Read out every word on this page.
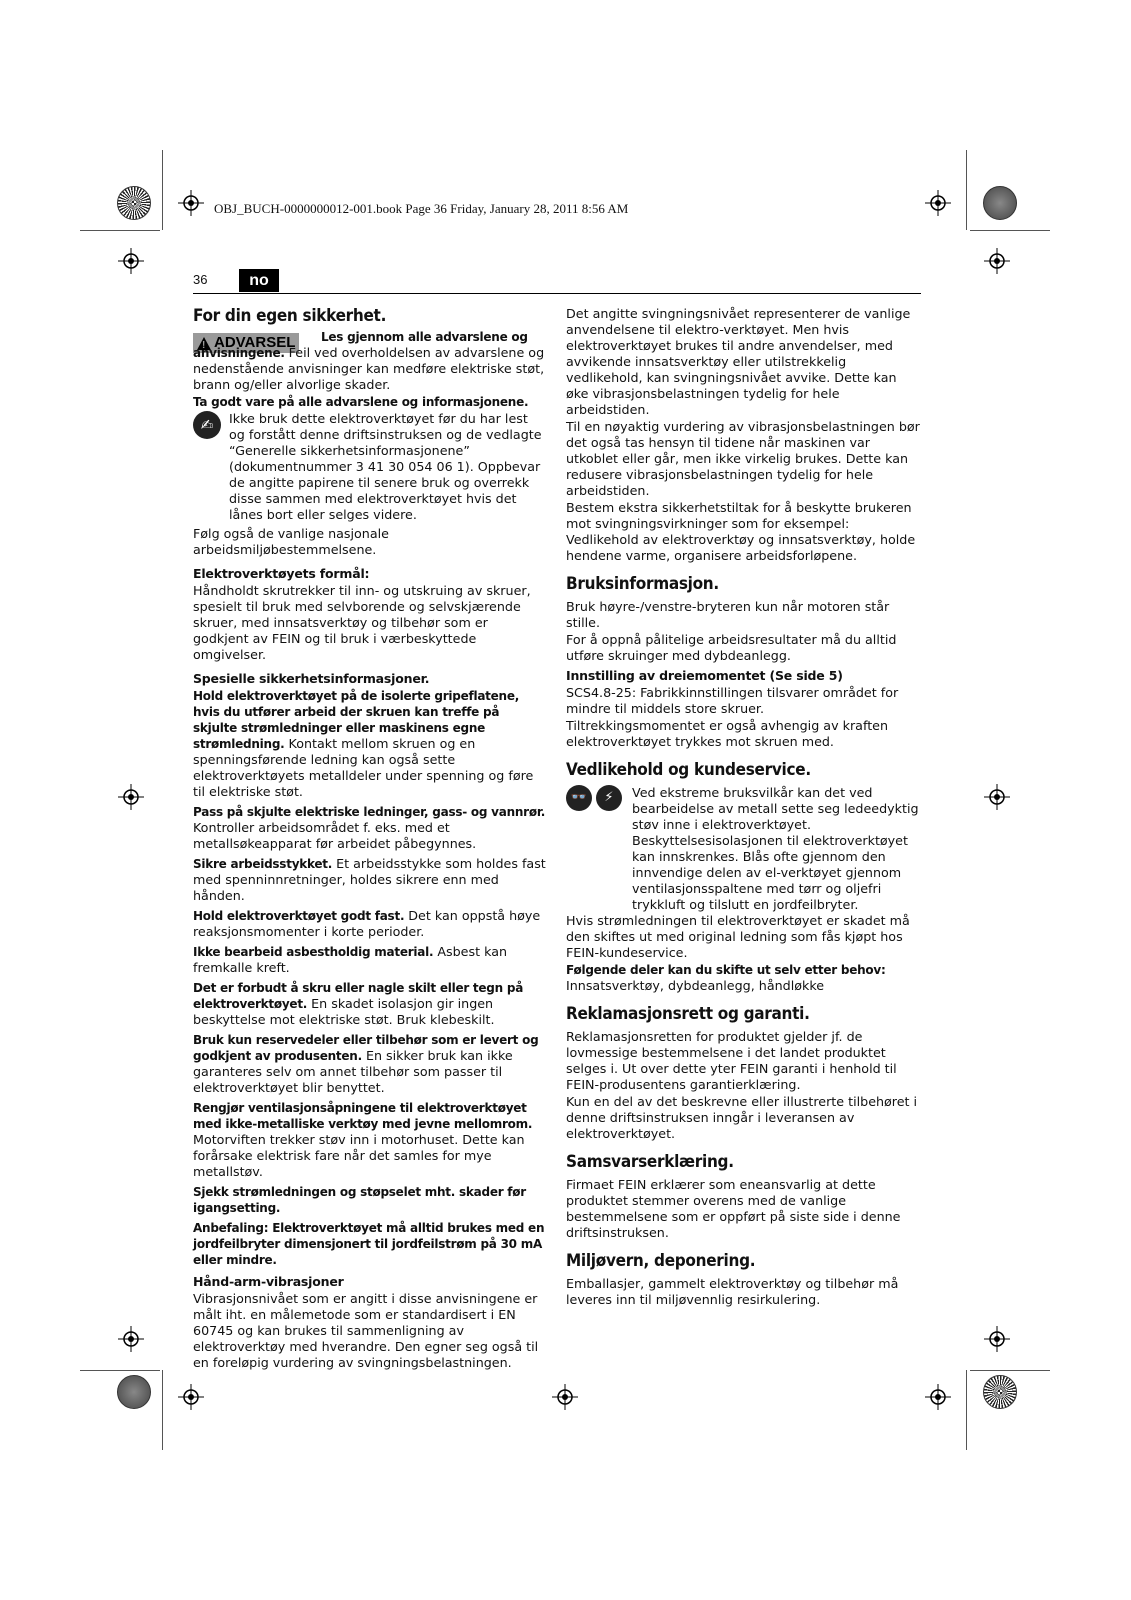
OBJ_BUCH-0000000012-001.book Page 36 Friday, January 28, 2011 8:56 AM
36	no
For din egen sikkerhet.
!
ADVARSEL	Les gjennom alle advarslene og anvisningene. Feil ved overholdelsen av advarslene og nedenstående anvisninger kan medføre elektriske støt, brann og/eller alvorlige skader.

Ta godt vare på alle advarslene og informasjonene.

✍	Ikke bruk dette elektroverktøyet før du har lest og forstått denne driftsinstruksen og de vedlagte “Generelle sikkerhetsinformasjonene” (dokumentnummer 3 41 30 054 06 1). Oppbevar de angitte papirene til senere bruk og overrekk disse sammen med elektroverktøyet hvis det lånes bort eller selges videre.

Følg også de vanlige nasjonale arbeidsmiljøbestemmelsene.

Elektroverktøyets formål:

Håndholdt skrutrekker til inn- og utskruing av skruer, spesielt til bruk med selvborende og selvskjærende skruer, med innsatsverktøy og tilbehør som er godkjent av FEIN og til bruk i værbeskyttede omgivelser.

Spesielle sikkerhetsinformasjoner.

Hold elektroverktøyet på de isolerte gripeflatene, hvis du utfører arbeid der skruen kan treffe på skjulte strømledninger eller maskinens egne strømledning. Kontakt mellom skruen og en spenningsførende ledning kan også sette elektroverktøyets metalldeler under spenning og føre til elektriske støt.

Pass på skjulte elektriske ledninger, gass- og vannrør. Kontroller arbeidsområdet f. eks. med et metallsøkeapparat før arbeidet påbegynnes.

Sikre arbeidsstykket. Et arbeidsstykke som holdes fast med spenninnretninger, holdes sikrere enn med hånden.

Hold elektroverktøyet godt fast. Det kan oppstå høye reaksjonsmomenter i korte perioder.

Ikke bearbeid asbestholdig material. Asbest kan fremkalle kreft.

Det er forbudt å skru eller nagle skilt eller tegn på elektroverktøyet. En skadet isolasjon gir ingen beskyttelse mot elektriske støt. Bruk klebeskilt.

Bruk kun reservedeler eller tilbehør som er levert og godkjent av produsenten. En sikker bruk kan ikke garanteres selv om annet tilbehør som passer til elektroverktøyet blir benyttet.

Rengjør ventilasjonsåpningene til elektroverktøyet med ikke-metalliske verktøy med jevne mellomrom. Motorviften trekker støv inn i motorhuset. Dette kan forårsake elektrisk fare når det samles for mye metallstøv.

Sjekk strømledningen og støpselet mht. skader før igangsetting.

Anbefaling: Elektroverktøyet må alltid brukes med en jordfeilbryter dimensjonert til jordfeilstrøm på 30 mA eller mindre.

Hånd-arm-vibrasjoner

Vibrasjonsnivået som er angitt i disse anvisningene er målt iht. en målemetode som er standardisert i EN 60745 og kan brukes til sammenligning av elektroverktøy med hverandre. Den egner seg også til en foreløpig vurdering av svingningsbelastningen.

Det angitte svingningsnivået representerer de vanlige anvendelsene til elektro-verktøyet. Men hvis elektroverktøyet brukes til andre anvendelser, med avvikende innsatsverktøy eller utilstrekkelig vedlikehold, kan svingningsnivået avvike. Dette kan øke vibrasjonsbelastningen tydelig for hele arbeidstiden.

Til en nøyaktig vurdering av vibrasjonsbelastningen bør det også tas hensyn til tidene når maskinen var utkoblet eller går, men ikke virkelig brukes. Dette kan redusere vibrasjonsbelastningen tydelig for hele arbeidstiden.

Bestem ekstra sikkerhetstiltak for å beskytte brukeren mot svingningsvirkninger som for eksempel: Vedlikehold av elektroverktøy og innsatsverktøy, holde hendene varme, organisere arbeidsforløpene.

Bruksinformasjon.

Bruk høyre-/venstre-bryteren kun når motoren står stille.

For å oppnå pålitelige arbeidsresultater må du alltid utføre skruinger med dybdeanlegg.

Innstilling av dreiemomentet (Se side 5)

SCS4.8-25: Fabrikkinnstillingen tilsvarer området for mindre til middels store skruer.

Tiltrekkingsmomentet er også avhengig av kraften elektroverktøyet trykkes mot skruen med.

Vedlikehold og kundeservice.
👓	⚡	Ved ekstreme bruksvilkår kan det ved bearbeidelse av metall sette seg ledeedyktig støv inne i elektroverktøyet. Beskyttelsesisolasjonen til elektroverktøyet kan innskrenkes. Blås ofte gjennom den innvendige delen av el-verktøyet gjennom ventilasjonsspaltene med tørr og oljefri trykkluft og tilslutt en jordfeilbryter.

Hvis strømledningen til elektroverktøyet er skadet må den skiftes ut med original ledning som fås kjøpt hos FEIN-kundeservice.

Følgende deler kan du skifte ut selv etter behov: Innsatsverktøy, dybdeanlegg, håndløkke

Reklamasjonsrett og garanti.

Reklamasjonsretten for produktet gjelder jf. de lovmessige bestemmelsene i det landet produktet selges i. Ut over dette yter FEIN garanti i henhold til FEIN-produsentens garantierklæring.

Kun en del av det beskrevne eller illustrerte tilbehøret i denne driftsinstruksen inngår i leveransen av elektroverktøyet.

Samsvarserklæring.

Firmaet FEIN erklærer som eneansvarlig at dette produktet stemmer overens med de vanlige bestemmelsene som er oppført på siste side i denne driftsinstruksen.

Miljøvern, deponering.

Emballasjer, gammelt elektroverktøy og tilbehør må leveres inn til miljøvennlig resirkulering.
